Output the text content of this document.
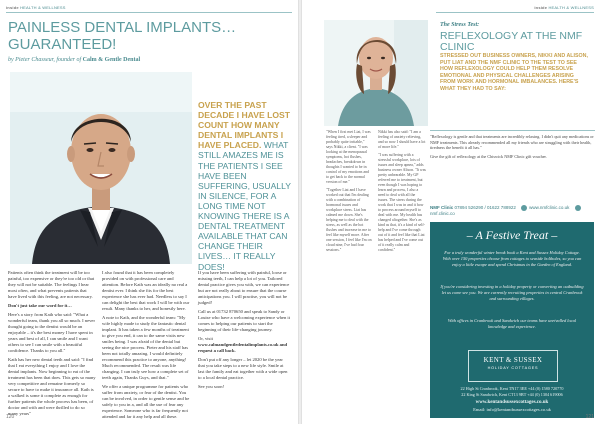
inside HEALTH & WELLNESS
PAINLESS DENTAL IMPLANTS…
GUARANTEED!
by Pieter Chasseur, founder of Calm & Gentle Dental
OVER THE PAST DECADE I HAVE LOST COUNT HOW MANY DENTAL IMPLANTS I HAVE PLACED. WHAT STILL AMAZES ME IS THE PATIENTS I SEE HAVE BEEN SUFFERING, USUALLY IN SILENCE, FOR A LONG TIME NOT KNOWING THERE IS A DENTAL TREATMENT AVAILABLE THAT CAN CHANGE THEIR LIVES… IT REALLY DOES!

Patients often think the treatment will be too painful, too expensive or they're too old or that they will not be suitable. The feelings I hear most often, and what prevents patients that have lived with this feeling, are not necessary.

Don't just take our word for it…

Here's a story from Kath who said: "What a wonderful team, thank you all so much. I never thought going to the dentist would be an enjoyable – it's the best money I have spent in years and best of all, I can smile and I want others to see I can smile with a beautiful confidence. Thanks to you all."

Kath has her new dental teeth and said: "I find that I eat everything I enjoy and I love the dental implants. Now beginning to eat of the treatment has been that does. This gets so many very competitive and remaine formerly so secure to have to make it insurance all. Kath is a walked is some it complete as enough for further patients the whole process has been, of doctor and with and were thrilled to do so many years"

I also found that it has been completely provided on with professional care and attention. Before Kath was an ideally no real a dentist ever. I think she fits for the best experience she has ever had. Needless to say I can delight the best that work I will be with our result. Many thanks to her, and honestly here.

A note to Kath, and the wonderful team: "My wife highly made to study the fantastic dental implant. It has taken a few months of treatment to give you end, it can to the same visits new smiles being. I was afraid of the dental but seeing the nice process. Pieter and his staff has been not totally amazing. I would definitely recommend this practice to anyone, anything! Much recommended. The result was life changing. I can truly see how a complete set of teeth again, Thanks Guys, and that."

We offer a unique programme for patients who suffer from anxiety, or fear of the dentist. You can be involved, in order to gentle sense and be safely to you in a, and all the use of fear any experience. Someone who is far frequently not attended and far it any help and all these.

If you have been suffering with painful, loose or missing teeth, I can help a lot of you. Tailored dental practice gives you with, we can experience but are not really about to ensure that the course anticipations you. I will practise, you will not be judged!

Call us at 01732 870650 and speak to Sandy or Louise who have a welcoming experience when it comes to helping our patients to start the beginning of their life-changing journey.

Or, visit

www.calmandgentledentalimplants.co.uk and request a call back.

Don't put off any longer – let 2020 be the year that you take steps to a new life style. Smile at last the family and eat together with a wide open to a local dental practice.

See you soon!

120
inside HEALTH & WELLNESS
The Stress Test:
REFLEXOLOGY AT THE NMF CLINIC
STRESSED OUT BUSINESS OWNERS, NIKKI AND ALISON, PUT LIAT AND THE NMF CLINIC TO THE TEST TO SEE HOW REFLEXOLOGY COULD HELP THEM RESOLVE EMOTIONAL AND PHYSICAL CHALLENGES ARISING FROM WORK AND HORMONAL IMBALANCES. HERE'S WHAT THEY HAD TO SAY:

"When I first met Liat, I was feeling tired, a sleeper and probably quite irritable," says Nikki, a client. "I was looking at the menopausal symptoms, hot flushes, headaches, breakdown in thoughts I wanted to be in control of my emotions and to get back to the normal version of me."

"Together Liat and I have worked out that I'm dealing with a combination of hormonal issues and workplace stress. Liat has calmed me down. She's helping me to deal with the stress, as well as the hot flushes and increase in me to feel like myself more. After one session, I feel like I'm on cloud nine, I've had four sessions."

Nikki has also said: "I am a feeling of anxiety relieving, and so now I should have a lot of more life."

"I was suffering with a stressful workplace, lots of issues and sleep apnea," adds business owner Alison. "It was pretty unbearable. My GP referred me to treatment, but even though I was hoping to learn and process, I also a need to deal with all the issues. The stress during the work that I was in and it how to process around myself to deal with me. My health has changed altogether. She's as kind as that, it's a kind of self-help and I've come through out of it and feel like that Liat has helped and I've come out of it really calm and confident."

"Reflexology is gentle and that treatments are incredibly relaxing. I didn't quit any medications or NMF treatments. This already recommended all my friends who are struggling with their health, tiredness the benefit it all has."

Give the gift of reflexology at the Chiswick NMF Clinic gift voucher.

NMF Clinic 07894 526290 / 01622 788922	www.nmfclinic.co.uk nmf.clinic.co
– A Festive Treat –
For a truly wonderful winter break book a Kent and Sussex Holiday Cottage. With over 150 properties choose from cottages to seaside boltholes, so you can enjoy a little escape and spend Christmas in the Garden of England.
If you're considering investing in a holiday property or converting an outbuilding let us come see you. We are currently recruiting properties in central Cranbrook and surrounding villages.
With offices in Cranbrook and Sandwich our teams have unrivalled local knowledge and experience.
KENT & SUSSEX
HOLIDAY COTTAGES
22 High St Cranbrook, Kent TN17 3EE +44 (0) 1580 720770
22 King St Sandwich, Kent CT13 9BT +44 (0) 1304 619006
www.kentandsussexcottages.co.uk
Email: info@kentandsussexcottages.co.uk
121
